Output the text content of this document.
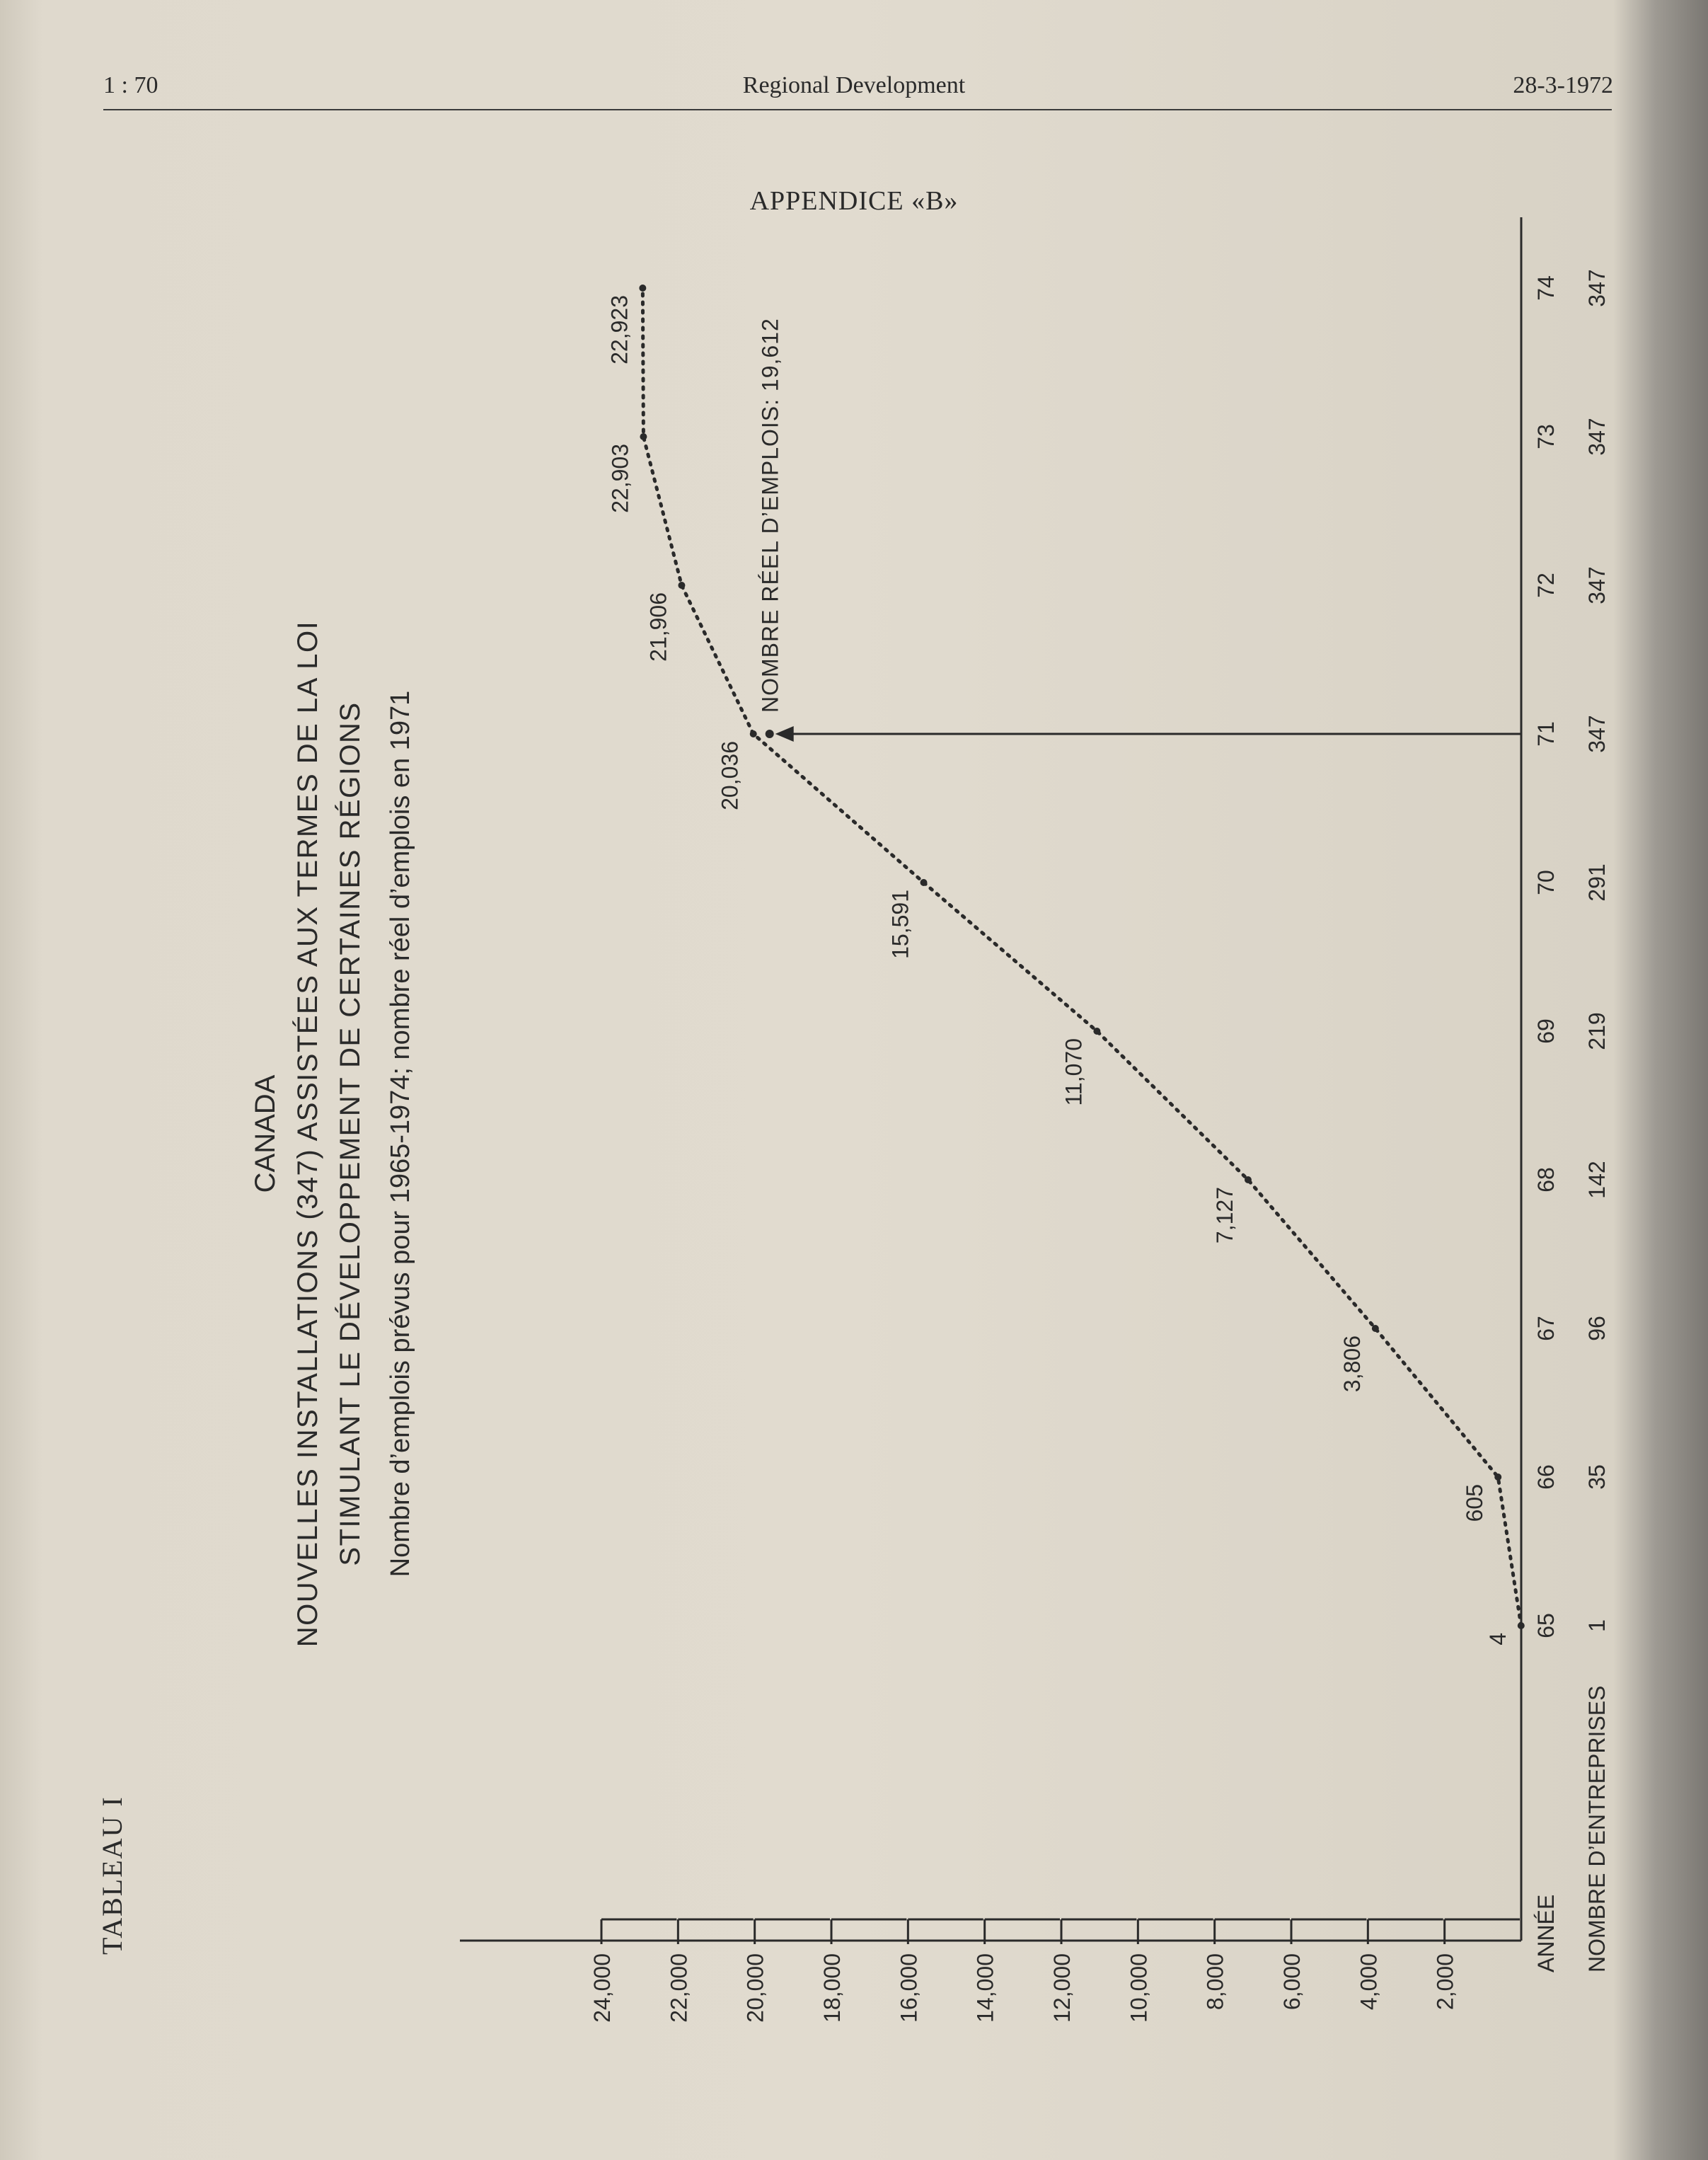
1 : 70	Regional Development	28-3-1972
APPENDICE «B»
TABLEAU I
CANADA NOUVELLES INSTALLATIONS (347) ASSISTÉES AUX TERMES DE LA LOI STIMULANT LE DÉVELOPPEMENT DE CERTAINES RÉGIONS Nombre d’emplois prévus pour 1965-1974; nombre réel d’emplois en 1971
2,000
4,000
6,000
8,000
10,000
12,000
14,000
16,000
18,000
20,000
22,000
24,000
65 1
66 35
67 96
68 142
69 219
70 291
71 347
72 347
73 347
74 347
4
605
3,806
7,127
11,070
15,591
20,036
21,906
22,903
22,923	NOMBRE RÉEL D’EMPLOIS: 19,612
ANNÉE NOMBRE D’ENTREPRISES
